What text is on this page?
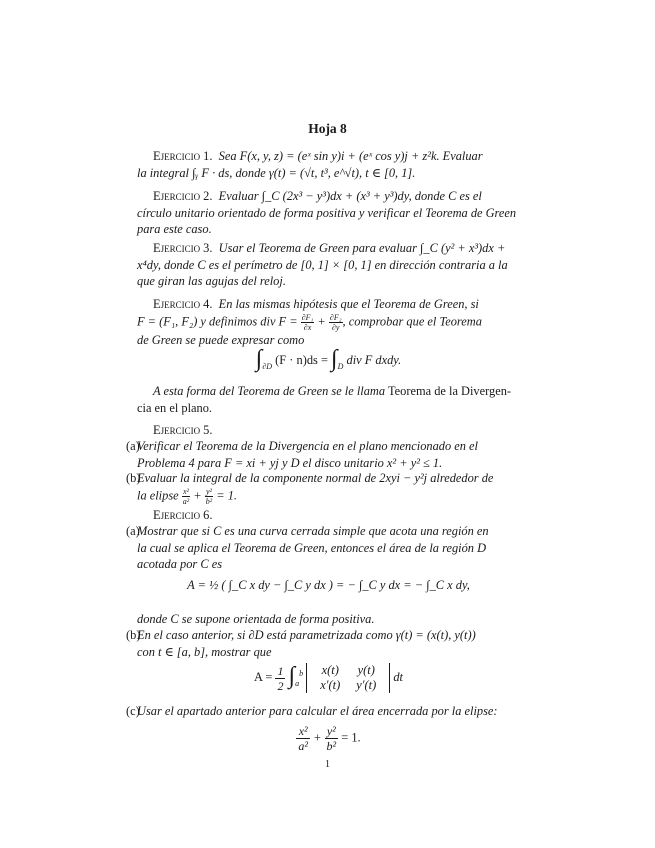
Hoja 8
Ejercicio 1. Sea F(x, y, z) = (eˣ sin y)i + (eˣ cos y)j + z²k. Evaluar
la integral ∫ᵧ F · ds, donde γ(t) = (√t, t³, e^√t), t ∈ [0, 1].
Ejercicio 2. Evaluar ∫_C (2x³ − y³)dx + (x³ + y³)dy, donde C es el
círculo unitario orientado de forma positiva y verificar el Teorema de Green
para este caso.
Ejercicio 3. Usar el Teorema de Green para evaluar ∫_C (y² + x³)dx +
x⁴dy, donde C es el perímetro de [0, 1] × [0, 1] en dirección contraria a la
que giran las agujas del reloj.
Ejercicio 4. En las mismas hipótesis que el Teorema de Green, si
F = (F₁, F₂) y definimos div $F = \frac{\text{∂F₁}}{\partial x} + \frac{\text{∂F₂}}{\partial y}$ , comprobar que el Teorema
de Green se puede expresar como
$\int_{\partial D}$ $(F \cdot n)ds = \int_D$ div F dxdy.
A esta forma del Teorema de Green se le llama Teorema de la Divergen-
cia en el plano.
Ejercicio 5.
(a)
Verificar el Teorema de la Divergencia en el plano mencionado en el
Problema 4 para F = xi + yj y D el disco unitario x² + y² ≤ 1.
(b)
Evaluar la integral de la componente normal de 2xyi − y²j alrededor de
la elipse $\frac{\text{x²}}{\text{a²}} + \frac{\text{y²}}{\text{b²}} = 1$.
Ejercicio 6.
(a)
Mostrar que si C es una curva cerrada simple que acota una región en
la cual se aplica el Teorema de Green, entonces el área de la región D
acotada por C es
A = ½ ( ∫_C x dy − ∫_C y dx ) = − ∫_C y dx = − ∫_C x dy,
donde C se supone orientada de forma positiva.
(b)
En el caso anterior, si ∂D está parametrizada como γ(t) = (x(t), y(t))
con t ∈ [a, b], mostrar que
$A = \frac{1}{2} \int_a^b$ x(t) y(t)
x′(t) y′(t) dt
(c)
Usar el apartado anterior para calcular el área encerrada por la elipse:
$\frac{\text{x²}}{\text{a²}} + \frac{\text{y²}}{\text{b²}} = 1$.
1
